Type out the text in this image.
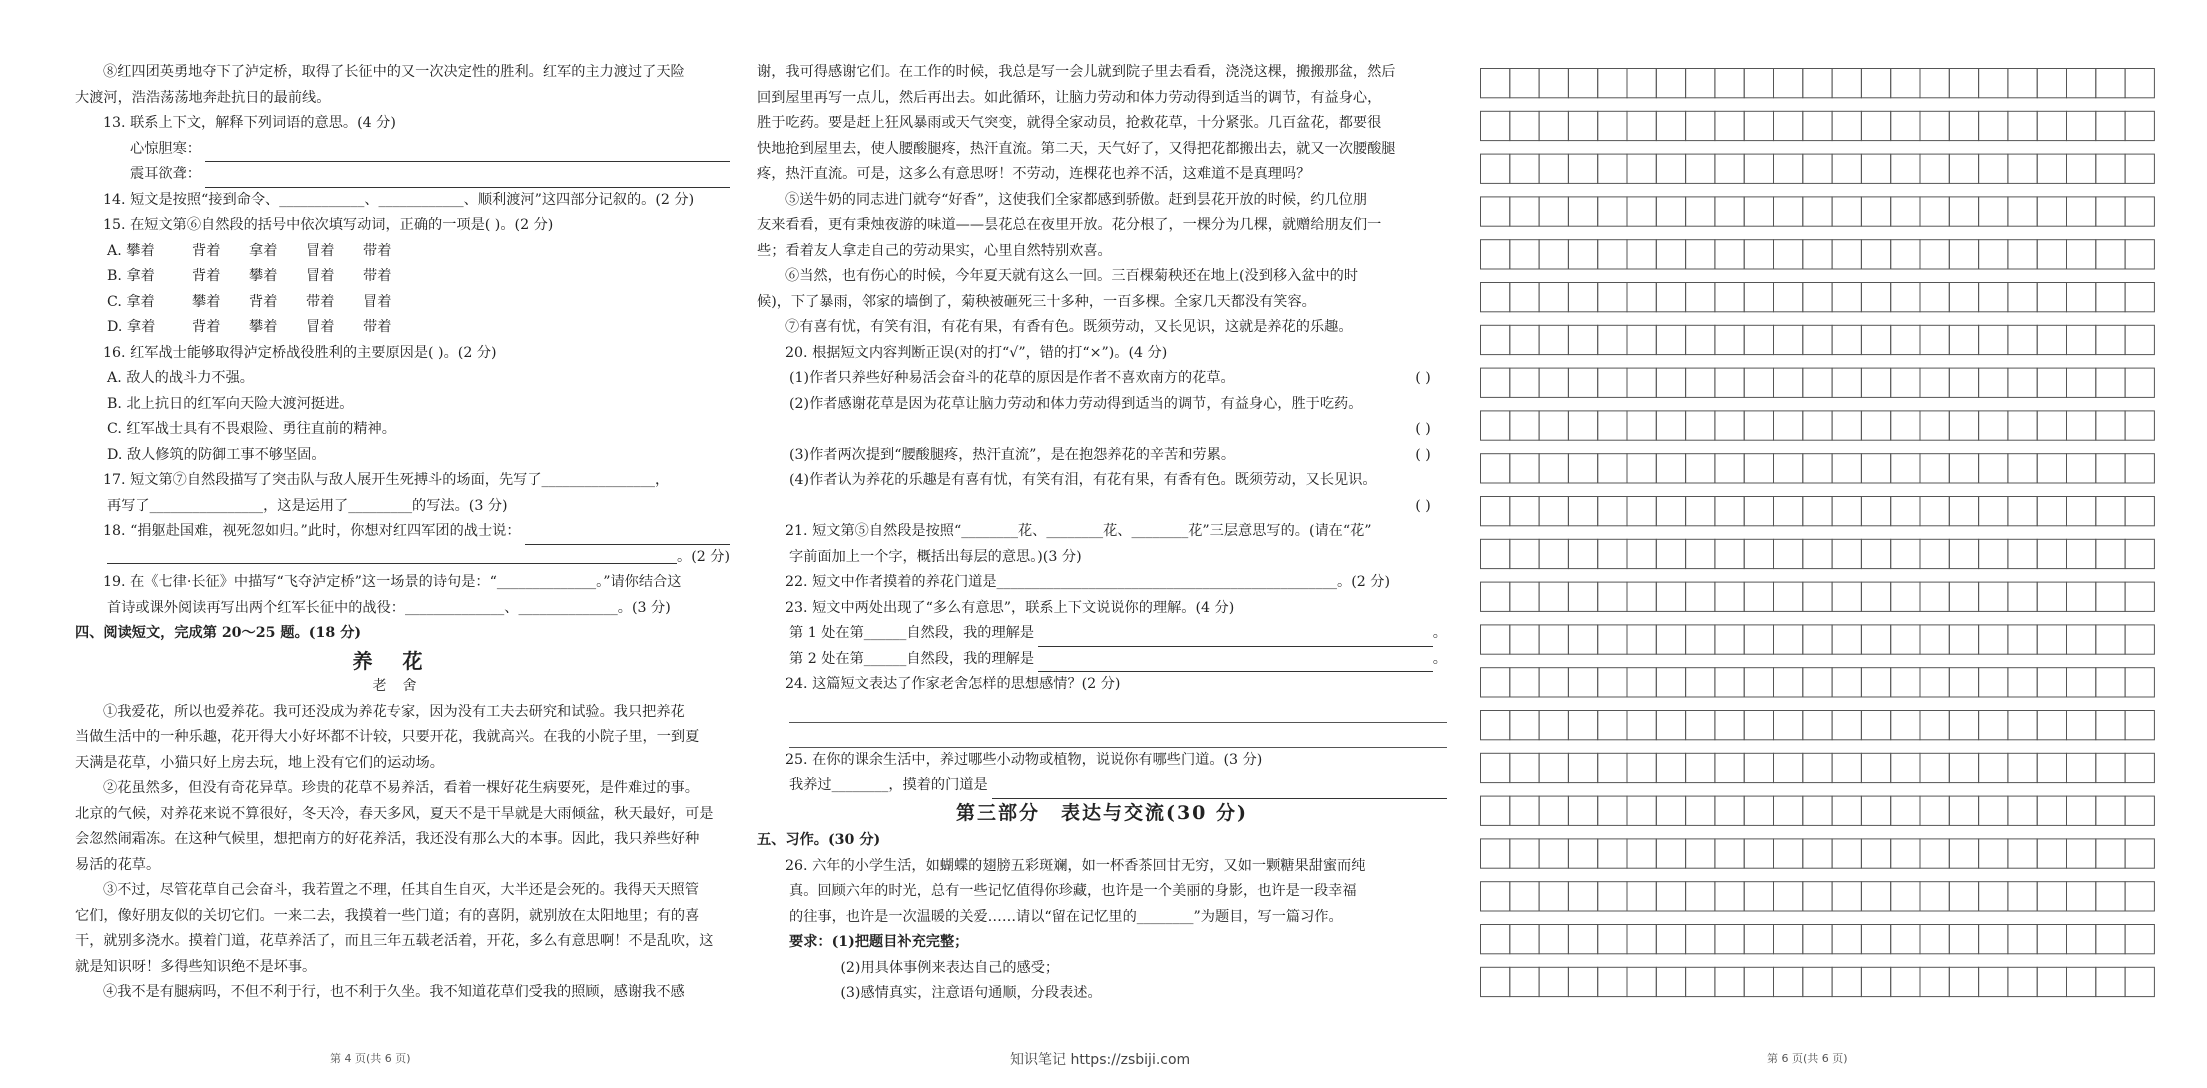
⑧红四团英勇地夺下了泸定桥，取得了长征中的又一次决定性的胜利。红军的主力渡过了天险
大渡河，浩浩荡荡地奔赴抗日的最前线。
13. 联系上下文，解释下列词语的意思。(4 分)
心惊胆寒：
震耳欲聋：
14. 短文是按照“接到命令、____________、____________、顺利渡河”这四部分记叙的。(2 分)
15. 在短文第⑥自然段的括号中依次填写动词，正确的一项是( )。(2 分)
A. 攀着	背着 拿着 冒着 带着
B. 拿着	背着 攀着 冒着 带着
C. 拿着	攀着 背着 带着 冒着
D. 拿着	背着 攀着 冒着 带着
16. 红军战士能够取得泸定桥战役胜利的主要原因是( )。(2 分)
A. 敌人的战斗力不强。
B. 北上抗日的红军向天险大渡河挺进。
C. 红军战士具有不畏艰险、勇往直前的精神。
D. 敌人修筑的防御工事不够坚固。
17. 短文第⑦自然段描写了突击队与敌人展开生死搏斗的场面，先写了________________，
再写了________________，这是运用了_________的写法。(3 分)
18. “捐躯赴国难，视死忽如归。”此时，你想对红四军团的战士说：
。(2 分)
19. 在《七律·长征》中描写“飞夺泸定桥”这一场景的诗句是：“______________。”请你结合这
首诗或课外阅读再写出两个红军长征中的战役：______________、______________。(3 分)
四、阅读短文，完成第 20～25 题。(18 分)
养花
老舍
①我爱花，所以也爱养花。我可还没成为养花专家，因为没有工夫去研究和试验。我只把养花
当做生活中的一种乐趣，花开得大小好坏都不计较，只要开花，我就高兴。在我的小院子里，一到夏
天满是花草，小猫只好上房去玩，地上没有它们的运动场。
②花虽然多，但没有奇花异草。珍贵的花草不易养活，看着一棵好花生病要死，是件难过的事。
北京的气候，对养花来说不算很好，冬天冷，春天多风，夏天不是干旱就是大雨倾盆，秋天最好，可是
会忽然闹霜冻。在这种气候里，想把南方的好花养活，我还没有那么大的本事。因此，我只养些好种
易活的花草。
③不过，尽管花草自己会奋斗，我若置之不理，任其自生自灭，大半还是会死的。我得天天照管
它们，像好朋友似的关切它们。一来二去，我摸着一些门道；有的喜阴，就别放在太阳地里；有的喜
干，就别多浇水。摸着门道，花草养活了，而且三年五载老活着，开花，多么有意思啊！不是乱吹，这
就是知识呀！多得些知识绝不是坏事。
④我不是有腿病吗，不但不利于行，也不利于久坐。我不知道花草们受我的照顾，感谢我不感
谢，我可得感谢它们。在工作的时候，我总是写一会儿就到院子里去看看，浇浇这棵，搬搬那盆，然后
回到屋里再写一点儿，然后再出去。如此循环，让脑力劳动和体力劳动得到适当的调节，有益身心，
胜于吃药。要是赶上狂风暴雨或天气突变，就得全家动员，抢救花草，十分紧张。几百盆花，都要很
快地抢到屋里去，使人腰酸腿疼，热汗直流。第二天，天气好了，又得把花都搬出去，就又一次腰酸腿
疼，热汗直流。可是，这多么有意思呀！不劳动，连棵花也养不活，这难道不是真理吗？
⑤送牛奶的同志进门就夸“好香”，这使我们全家都感到骄傲。赶到昙花开放的时候，约几位朋
友来看看，更有秉烛夜游的味道——昙花总在夜里开放。花分根了，一棵分为几棵，就赠给朋友们一
些；看着友人拿走自己的劳动果实，心里自然特别欢喜。
⑥当然，也有伤心的时候，今年夏天就有这么一回。三百棵菊秧还在地上(没到移入盆中的时
候)，下了暴雨，邻家的墙倒了，菊秧被砸死三十多种，一百多棵。全家几天都没有笑容。
⑦有喜有忧，有笑有泪，有花有果，有香有色。既须劳动，又长见识，这就是养花的乐趣。
20. 根据短文内容判断正误(对的打“√”，错的打“×”)。(4 分)
( )
(1)作者只养些好种易活会奋斗的花草的原因是作者不喜欢南方的花草。
(2)作者感谢花草是因为花草让脑力劳动和体力劳动得到适当的调节，有益身心，胜于吃药。
( )
( )
(3)作者两次提到“腰酸腿疼，热汗直流”，是在抱怨养花的辛苦和劳累。
(4)作者认为养花的乐趣是有喜有忧，有笑有泪，有花有果，有香有色。既须劳动，又长见识。
( )
21. 短文第⑤自然段是按照“________花、________花、________花”三层意思写的。(请在“花”
字前面加上一个字，概括出每层的意思。)(3 分)
22. 短文中作者摸着的养花门道是________________________________________________。(2 分)
23. 短文中两处出现了“多么有意思”，联系上下文说说你的理解。(4 分)
第 1 处在第______自然段，我的理解是	。
第 2 处在第______自然段，我的理解是	。
24. 这篇短文表达了作家老舍怎样的思想感情？(2 分)
25. 在你的课余生活中，养过哪些小动物或植物，说说你有哪些门道。(3 分)
我养过________，摸着的门道是
第三部分　表达与交流(30 分)
五、习作。(30 分)
26. 六年的小学生活，如蝴蝶的翅膀五彩斑斓，如一杯香茶回甘无穷，又如一颗糖果甜蜜而纯
真。回顾六年的时光，总有一些记忆值得你珍藏，也许是一个美丽的身影，也许是一段幸福
的往事，也许是一次温暖的关爱……请以“留在记忆里的________”为题目，写一篇习作。
要求：(1)把题目补充完整；
　　(2)用具体事例来表达自己的感受；
　　(3)感情真实，注意语句通顺，分段表述。
第 4 页(共 6 页)	第 6 页(共 6 页)
知识笔记 https://zsbiji.com
